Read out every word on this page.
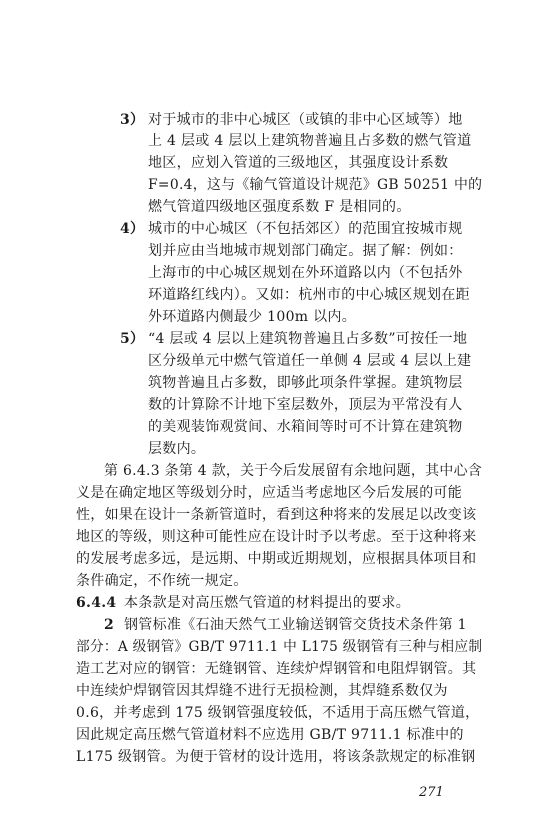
3） 对于城市的非中心城区（或镇的非中心区域等）地
上 4 层或 4 层以上建筑物普遍且占多数的燃气管道
地区，应划入管道的三级地区，其强度设计系数
F=0.4，这与《输气管道设计规范》GB 50251 中的
燃气管道四级地区强度系数 F 是相同的。
4） 城市的中心城区（不包括郊区）的范围宜按城市规
划并应由当地城市规划部门确定。据了解：例如：
上海市的中心城区规划在外环道路以内（不包括外
环道路红线内）。又如：杭州市的中心城区规划在距
外环道路内侧最少 100m 以内。
5） “4 层或 4 层以上建筑物普遍且占多数”可按任一地
区分级单元中燃气管道任一单侧 4 层或 4 层以上建
筑物普遍且占多数，即够此项条件掌握。建筑物层
数的计算除不计地下室层数外，顶层为平常没有人
的美观装饰观赏间、水箱间等时可不计算在建筑物
层数内。
第 6.4.3 条第 4 款，关于今后发展留有余地问题，其中心含
义是在确定地区等级划分时，应适当考虑地区今后发展的可能
性，如果在设计一条新管道时，看到这种将来的发展足以改变该
地区的等级，则这种可能性应在设计时予以考虑。至于这种将来
的发展考虑多远，是远期、中期或近期规划，应根据具体项目和
条件确定，不作统一规定。
6.4.4 本条款是对高压燃气管道的材料提出的要求。
2 钢管标准《石油天然气工业输送钢管交货技术条件第 1
部分：A 级钢管》GB/T 9711.1 中 L175 级钢管有三种与相应制
造工艺对应的钢管：无缝钢管、连续炉焊钢管和电阻焊钢管。其
中连续炉焊钢管因其焊缝不进行无损检测，其焊缝系数仅为
0.6，并考虑到 175 级钢管强度较低，不适用于高压燃气管道，
因此规定高压燃气管道材料不应选用 GB/T 9711.1 标准中的
L175 级钢管。为便于管材的设计选用，将该条款规定的标准钢
271
